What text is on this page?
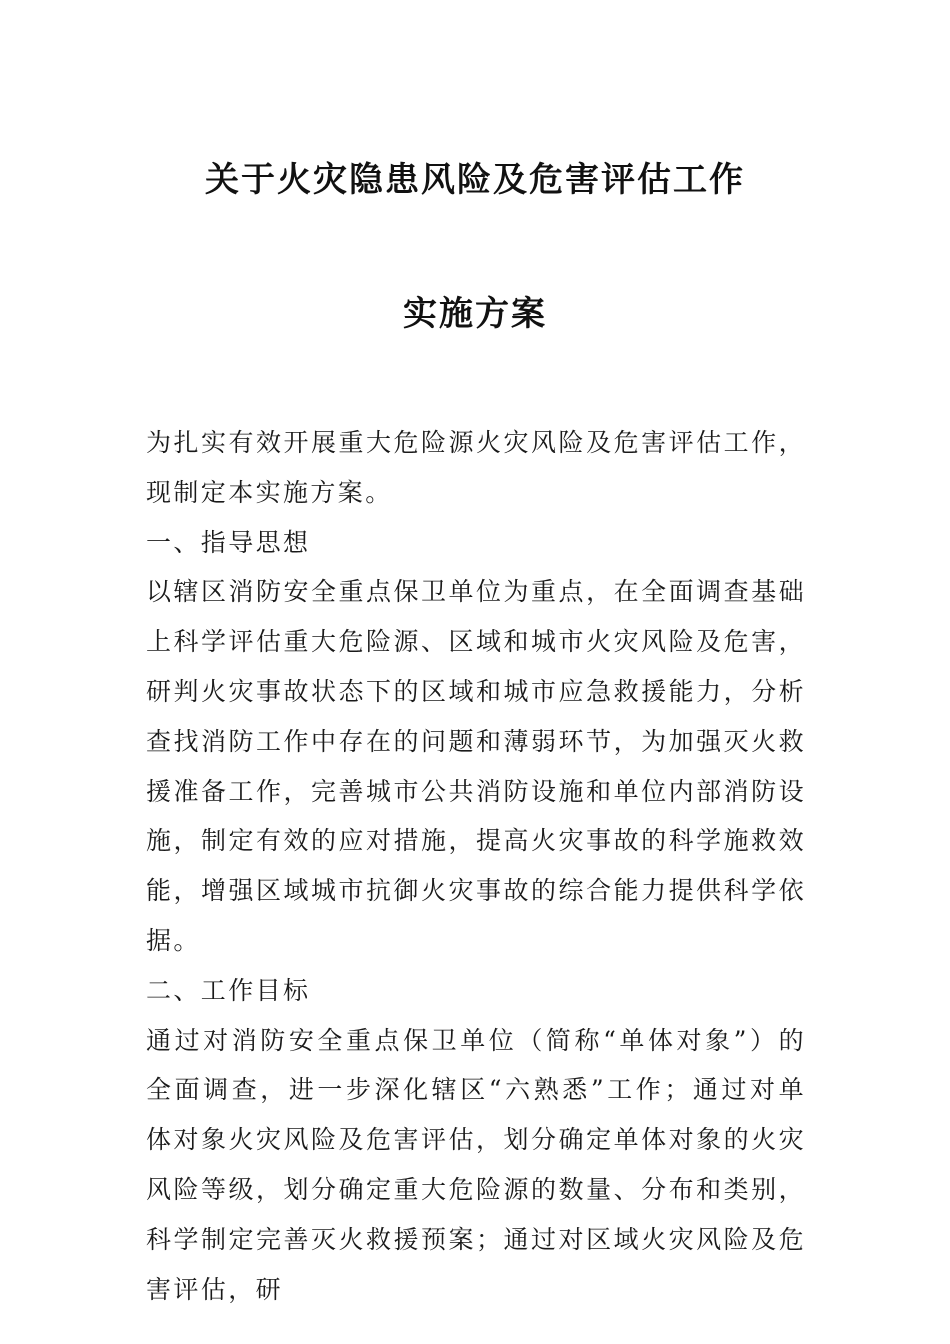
关于火灾隐患风险及危害评估工作
实施方案

为扎实有效开展重大危险源火灾风险及危害评估工作，现制定本实施方案。

一、指导思想

以辖区消防安全重点保卫单位为重点，在全面调查基础上科学评估重大危险源、区域和城市火灾风险及危害，研判火灾事故状态下的区域和城市应急救援能力，分析查找消防工作中存在的问题和薄弱环节，为加强灭火救援准备工作，完善城市公共消防设施和单位内部消防设施，制定有效的应对措施，提高火灾事故的科学施救效能，增强区域城市抗御火灾事故的综合能力提供科学依据。

二、工作目标

通过对消防安全重点保卫单位（简称“单体对象”）的全面调查，进一步深化辖区“六熟悉”工作；通过对单体对象火灾风险及危害评估，划分确定单体对象的火灾风险等级，划分确定重大危险源的数量、分布和类别，科学制定完善灭火救援预案；通过对区域火灾风险及危害评估，研
